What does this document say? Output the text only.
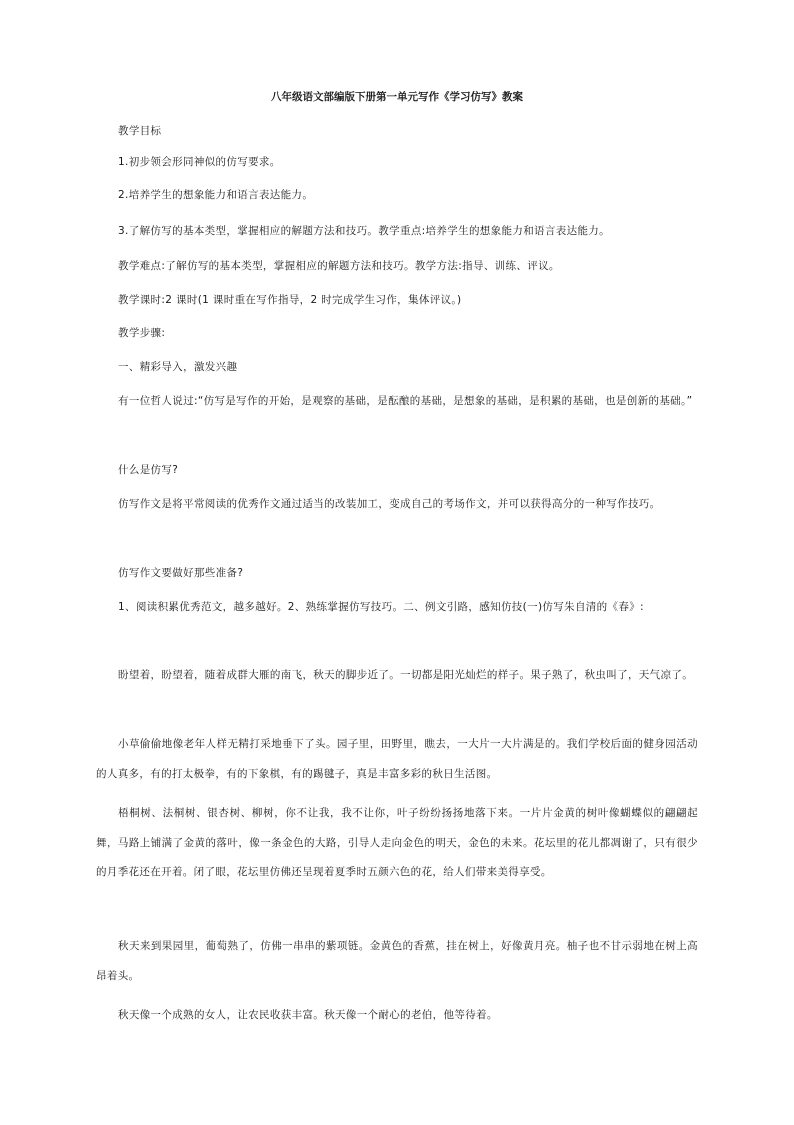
八年级语文部编版下册第一单元写作《学习仿写》教案

教学目标

1.初步领会形同神似的仿写要求。

2.培养学生的想象能力和语言表达能力。

3.了解仿写的基本类型，掌握相应的解题方法和技巧。教学重点:培养学生的想象能力和语言表达能力。

教学难点:了解仿写的基本类型，掌握相应的解题方法和技巧。教学方法:指导、训练、评议。

教学课时:2 课时(1 课时重在写作指导，2 时完成学生习作，集体评议。)

教学步骤:

一、精彩导入，激发兴趣

有一位哲人说过:“仿写是写作的开始，是观察的基础，是酝酿的基础，是想象的基础，是积累的基础，也是创新的基础。”

什么是仿写?

仿写作文是将平常阅读的优秀作文通过适当的改装加工，变成自己的考场作文，并可以获得高分的一种写作技巧。

仿写作文要做好那些准备?

1、阅读积累优秀范文，越多越好。2、熟练掌握仿写技巧。二、例文引路，感知仿技(一)仿写朱自清的《春》:

盼望着，盼望着，随着成群大雁的南飞，秋天的脚步近了。一切都是阳光灿烂的样子。果子熟了，秋虫叫了，天气凉了。

小草偷偷地像老年人样无精打采地垂下了头。园子里，田野里，瞧去，一大片一大片满是的。我们学校后面的健身园活动的人真多，有的打太极拳，有的下象棋，有的踢毽子，真是丰富多彩的秋日生活图。

梧桐树、法桐树、银杏树、柳树，你不让我，我不让你，叶子纷纷扬扬地落下来。一片片金黄的树叶像蝴蝶似的翩翩起舞，马路上铺满了金黄的落叶，像一条金色的大路，引导人走向金色的明天，金色的未来。花坛里的花儿都凋谢了，只有很少的月季花还在开着。闭了眼，花坛里仿佛还呈现着夏季时五颜六色的花，给人们带来美得享受。

秋天来到果园里，葡萄熟了，仿佛一串串的紫项链。金黄色的香蕉，挂在树上，好像黄月亮。柚子也不甘示弱地在树上高昂着头。

秋天像一个成熟的女人，让农民收获丰富。秋天像一个耐心的老伯，他等待着。
